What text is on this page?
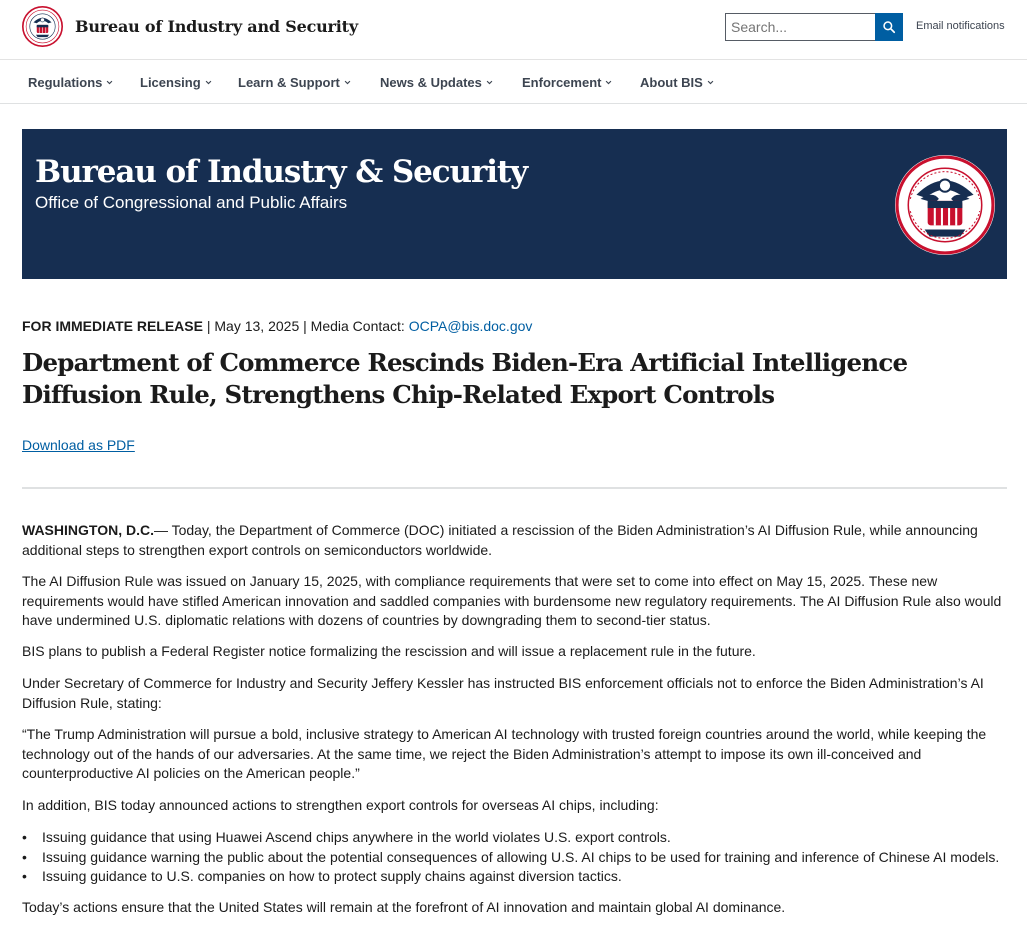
Bureau of Industry and Security
Search...	Email notifications
Regulations	Licensing	Learn & Support	News & Updates	Enforcement	About BIS
Bureau of Industry & Security
Office of Congressional and Public Affairs
FOR IMMEDIATE RELEASE | May 13, 2025 | Media Contact: OCPA@bis.doc.gov
Department of Commerce Rescinds Biden-Era Artificial Intelligence Diffusion Rule, Strengthens Chip-Related Export Controls
Download as PDF

WASHINGTON, D.C.— Today, the Department of Commerce (DOC) initiated a rescission of the Biden Administration’s AI Diffusion Rule, while announcing additional steps to strengthen export controls on semiconductors worldwide.

The AI Diffusion Rule was issued on January 15, 2025, with compliance requirements that were set to come into effect on May 15, 2025. These new requirements would have stifled American innovation and saddled companies with burdensome new regulatory requirements. The AI Diffusion Rule also would have undermined U.S. diplomatic relations with dozens of countries by downgrading them to second-tier status.

BIS plans to publish a Federal Register notice formalizing the rescission and will issue a replacement rule in the future.

Under Secretary of Commerce for Industry and Security Jeffery Kessler has instructed BIS enforcement officials not to enforce the Biden Administration’s AI Diffusion Rule, stating:

“The Trump Administration will pursue a bold, inclusive strategy to American AI technology with trusted foreign countries around the world, while keeping the technology out of the hands of our adversaries. At the same time, we reject the Biden Administration’s attempt to impose its own ill-conceived and counterproductive AI policies on the American people.”

In addition, BIS today announced actions to strengthen export controls for overseas AI chips, including:

• Issuing guidance that using Huawei Ascend chips anywhere in the world violates U.S. export controls.
• Issuing guidance warning the public about the potential consequences of allowing U.S. AI chips to be used for training and inference of Chinese AI models.
• Issuing guidance to U.S. companies on how to protect supply chains against diversion tactics.

Today’s actions ensure that the United States will remain at the forefront of AI innovation and maintain global AI dominance.
